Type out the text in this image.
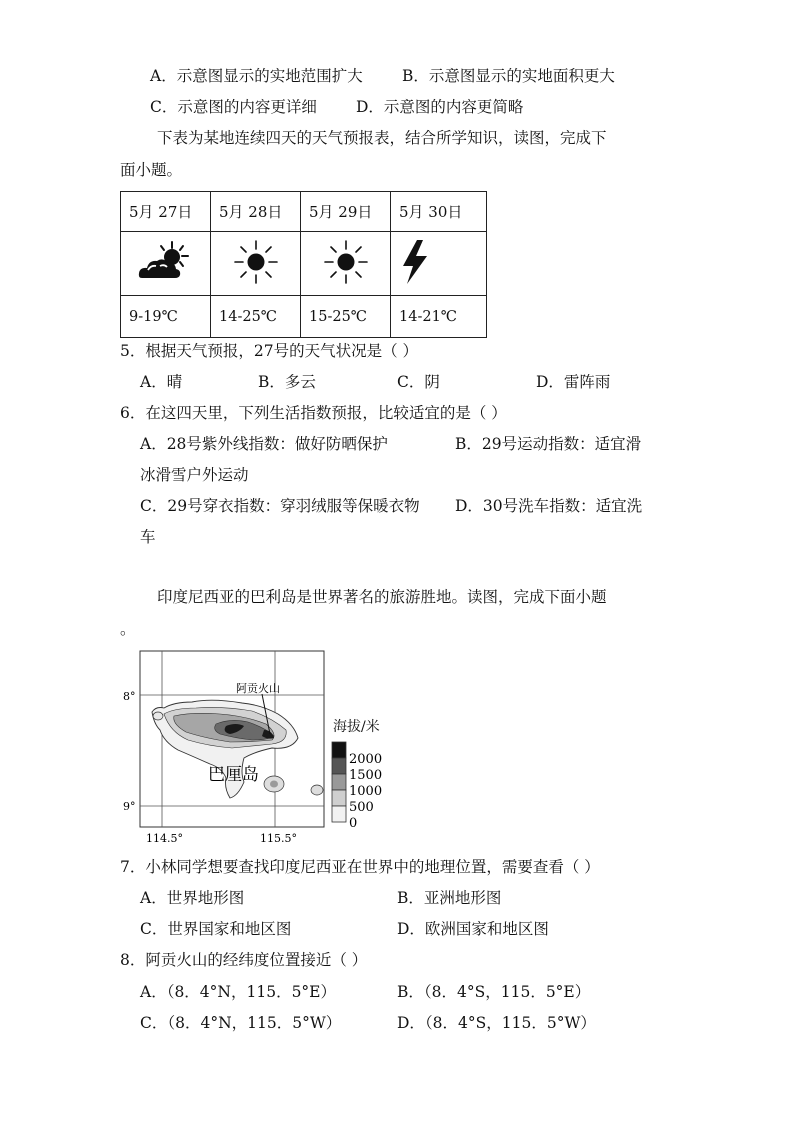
A．示意图显示的实地范围扩大	B．示意图显示的实地面积更大
C．示意图的内容更详细	D．示意图的内容更简略
下表为某地连续四天的天气预报表，结合所学知识，读图，完成下
面小题。
5月 27日	5月 28日	5月 29日	5月 30日

9-19℃	14-25℃	15-25℃	14-21℃
5．根据天气预报，27号的天气状况是（ ）
A．晴	B．多云	C．阴	D．雷阵雨
6．在这四天里，下列生活指数预报，比较适宜的是（ ）
A．28号紫外线指数：做好防晒保护	B．29号运动指数：适宜滑
冰滑雪户外运动
C．29号穿衣指数：穿羽绒服等保暖衣物 D．30号洗车指数：适宜洗
车
印度尼西亚的巴利岛是世界著名的旅游胜地。读图，完成下面小题
。
阿贡火山
巴厘岛
8°
9°
114.5°	115.5°
海拔/米
2000
1500
1000
500
0
7．小林同学想要查找印度尼西亚在世界中的地理位置，需要查看（ ）
A．世界地形图	B．亚洲地形图
C．世界国家和地区图	D．欧洲国家和地区图
8．阿贡火山的经纬度位置接近（ ）
A．（8．4°N，115．5°E）	B．（8．4°S，115．5°E）
C．（8．4°N，115．5°W）	D．（8．4°S，115．5°W）
